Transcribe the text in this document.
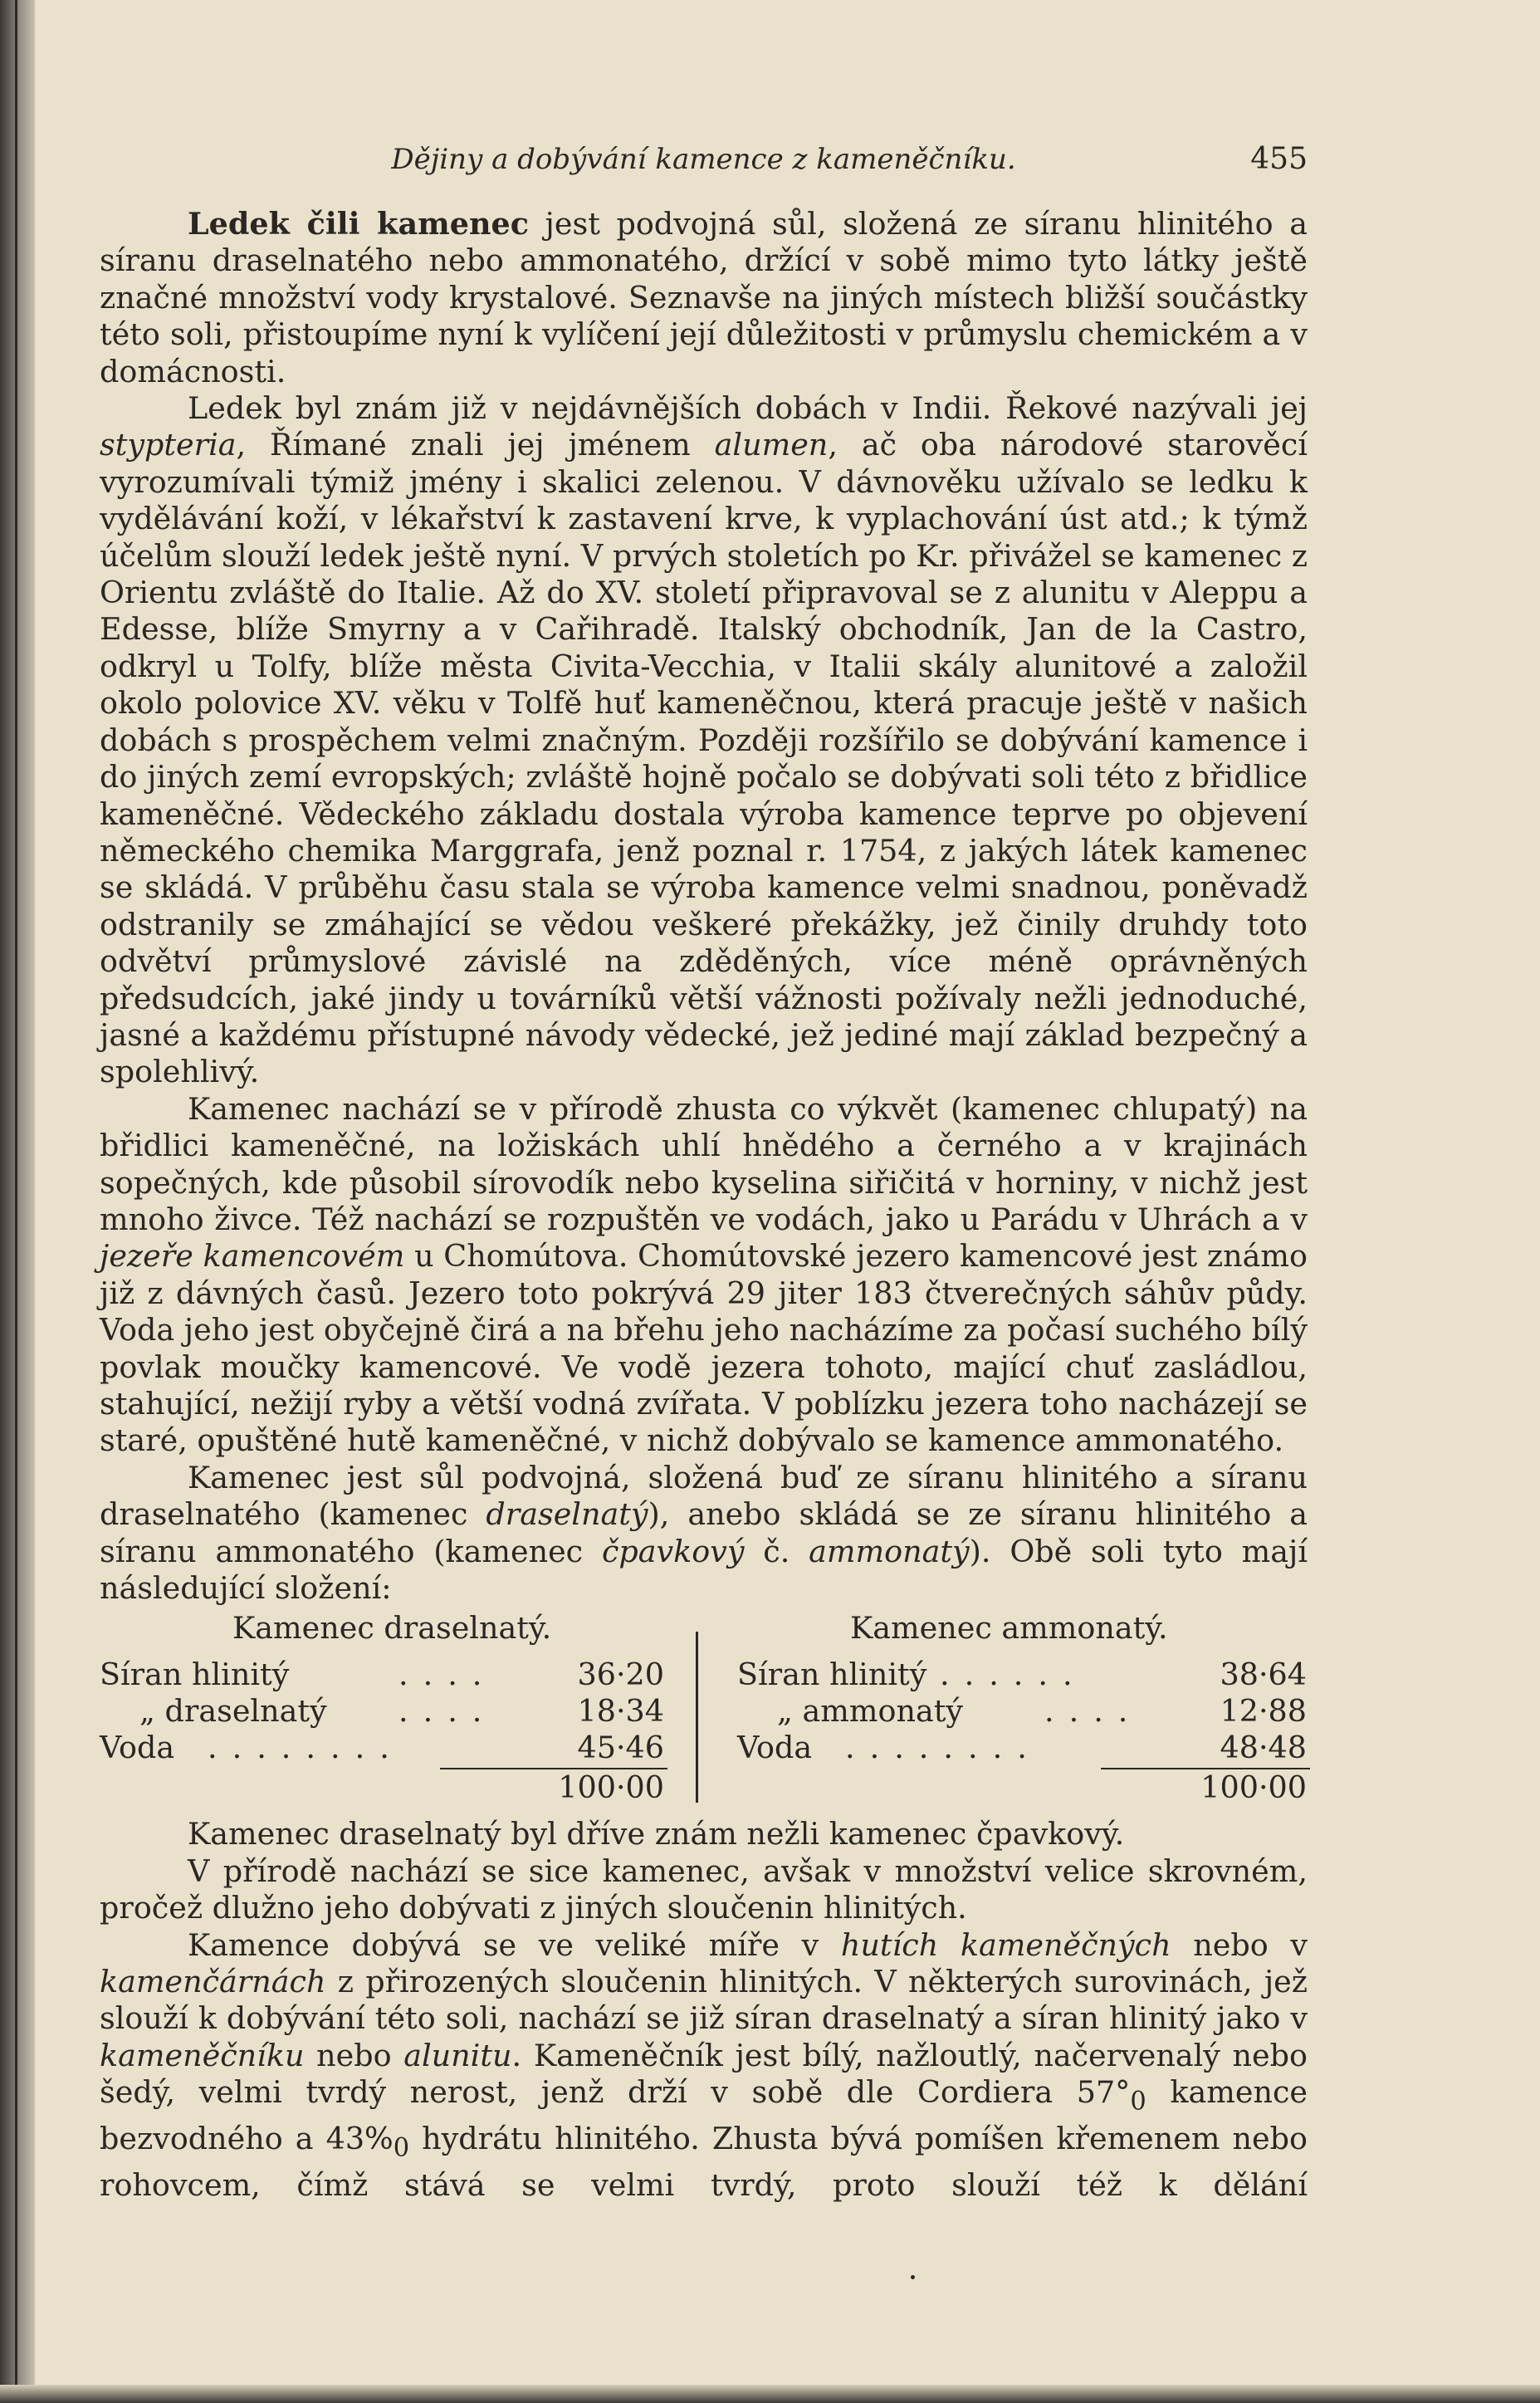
Dějiny a dobývání kamence z kameněčníku.	455

Ledek čili kamenec jest podvojná sůl, složená ze síranu hlinitého a síranu draselnatého nebo ammonatého, držící v sobě mimo tyto látky ještě značné množství vody krystalové. Seznavše na jiných místech bližší součástky této soli, přistoupíme nyní k vylíčení její důležitosti v průmyslu chemickém a v domácnosti.

Ledek byl znám již v nejdávnějších dobách v Indii. Řekové nazývali jej stypteria, Římané znali jej jménem alumen, ač oba národové starověcí vyrozumívali týmiž jmény i skalici zelenou. V dávnověku užívalo se ledku k vydělávání koží, v lékařství k zastavení krve, k vyplachování úst atd.; k týmž účelům slouží ledek ještě nyní. V prvých stoletích po Kr. přivážel se kamenec z Orientu zvláště do Italie. Až do XV. století připravoval se z alunitu v Aleppu a Edesse, blíže Smyrny a v Cařihradě. Italský obchodník, Jan de la Castro, odkryl u Tolfy, blíže města Civita-Vecchia, v Italii skály alunitové a založil okolo polovice XV. věku v Tolfě huť kameněčnou, která pracuje ještě v našich dobách s prospěchem velmi značným. Později rozšířilo se dobývání kamence i do jiných zemí evropských; zvláště hojně počalo se dobývati soli této z břidlice kameněčné. Vědeckého základu dostala výroba kamence teprve po objevení německého chemika Marggrafa, jenž poznal r. 1754, z jakých látek kamenec se skládá. V průběhu času stala se výroba kamence velmi snadnou, poněvadž odstranily se zmáhající se vědou veškeré překážky, jež činily druhdy toto odvětví průmyslové závislé na zděděných, více méně oprávněných předsudcích, jaké jindy u továrníků větší vážnosti požívaly nežli jednoduché, jasné a každému přístupné návody vědecké, jež jediné mají základ bezpečný a spolehlivý.

Kamenec nachází se v přírodě zhusta co výkvět (kamenec chlupatý) na břidlici kameněčné, na ložiskách uhlí hnědého a černého a v krajinách sopečných, kde působil sírovodík nebo kyselina siřičitá v horniny, v nichž jest mnoho živce. Též nachází se rozpuštěn ve vodách, jako u Parádu v Uhrách a v jezeře kamencovém u Chomútova. Chomútovské jezero kamencové jest známo již z dávných časů. Jezero toto pokrývá 29 jiter 183 čtverečných sáhův půdy. Voda jeho jest obyčejně čirá a na břehu jeho nacházíme za počasí suchého bílý povlak moučky kamencové. Ve vodě jezera tohoto, mající chuť zasládlou, stahující, nežijí ryby a větší vodná zvířata. V poblízku jezera toho nacházejí se staré, opuštěné hutě kameněčné, v nichž dobývalo se kamence ammonatého.

Kamenec jest sůl podvojná, složená buď ze síranu hlinitého a síranu draselnatého (kamenec draselnatý), anebo skládá se ze síranu hlinitého a síranu ammonatého (kamenec čpavkový č. ammonatý). Obě soli tyto mají následující složení:

Kamenec draselnatý.
Síran hlinitý	....	36·20
„ draselnatý ....	18·34
Voda ........	45·46
100·00
Kamenec ammonatý.
Síran hlinitý ......	38·64
„ ammonatý	....	12·88
Voda ........	48·48
100·00

Kamenec draselnatý byl dříve znám nežli kamenec čpavkový.

V přírodě nachází se sice kamenec, avšak v množství velice skrovném, pročež dlužno jeho dobývati z jiných sloučenin hlinitých.

Kamence dobývá se ve veliké míře v hutích kameněčných nebo v kamenčárnách z přirozených sloučenin hlinitých. V některých surovinách, jež slouží k dobývání této soli, nachází se již síran draselnatý a síran hlinitý jako v kameněčníku nebo alunitu. Kameněčník jest bílý, nažloutlý, načervenalý nebo šedý, velmi tvrdý nerost, jenž drží v sobě dle Cordiera $57^\circ_0$ kamence bezvodného a $43\%_0$ hydrátu hlinitého. Zhusta bývá pomíšen křemenem nebo rohovcem, čímž stává se velmi tvrdý, proto slouží též k dělání
